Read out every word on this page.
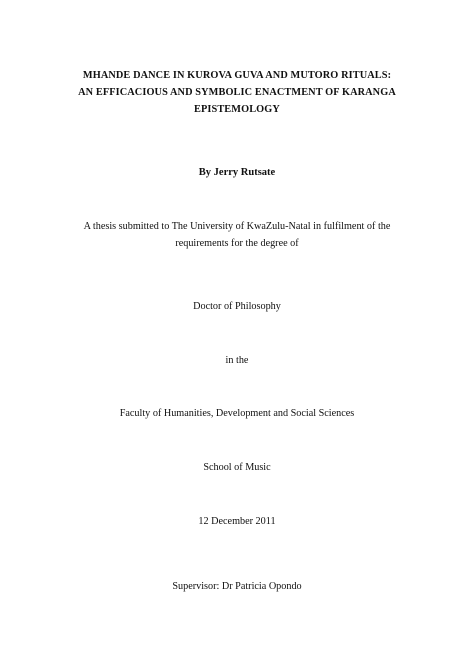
MHANDE DANCE IN KUROVA GUVA AND MUTORO RITUALS:
AN EFFICACIOUS AND SYMBOLIC ENACTMENT OF KARANGA
EPISTEMOLOGY
By Jerry Rutsate
A thesis submitted to The University of KwaZulu-Natal in fulfilment of the
requirements for the degree of
Doctor of Philosophy
in the
Faculty of Humanities, Development and Social Sciences
School of Music
12 December 2011
Supervisor: Dr Patricia Opondo
